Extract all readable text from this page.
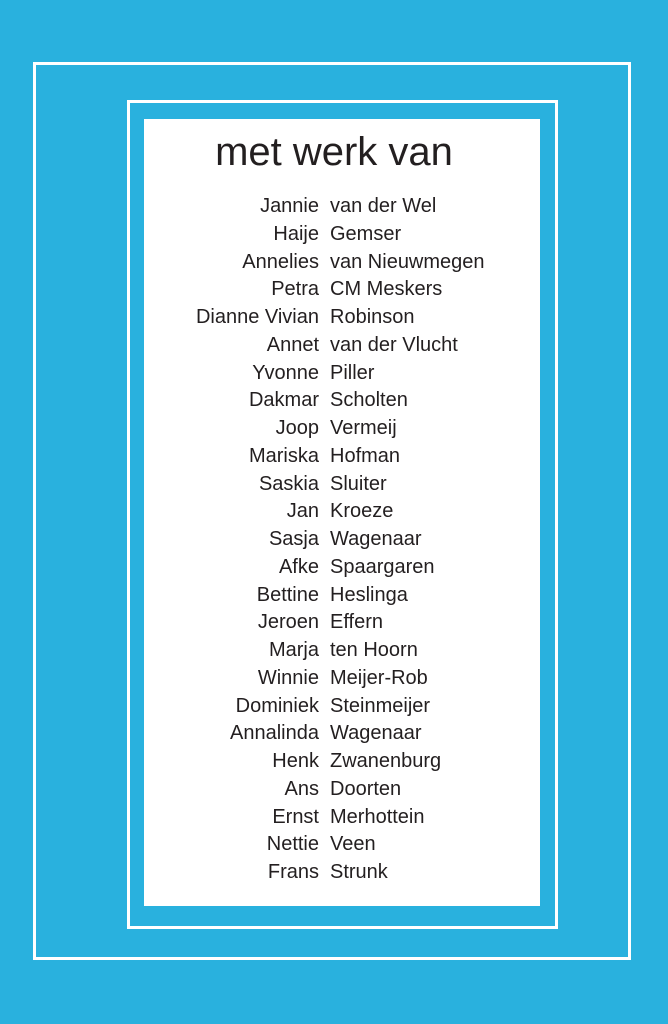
met werk van
Jannie van der Wel
Haije Gemser
Annelies van Nieuwmegen
Petra CM Meskers
Dianne Vivian Robinson
Annet van der Vlucht
Yvonne Piller
Dakmar Scholten
Joop Vermeij
Mariska Hofman
Saskia Sluiter
Jan Kroeze
Sasja Wagenaar
Afke Spaargaren
Bettine Heslinga
Jeroen Effern
Marja ten Hoorn
Winnie Meijer-Rob
Dominiek Steinmeijer
Annalinda Wagenaar
Henk Zwanenburg
Ans Doorten
Ernst Merhottein
Nettie Veen
Frans Strunk
